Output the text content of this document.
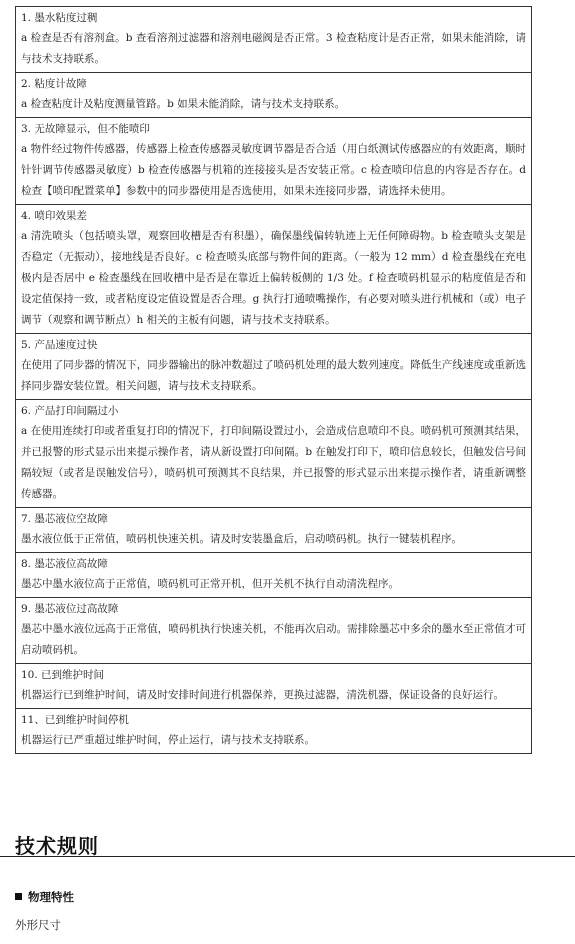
1. 墨水粘度过稠
a 检查是否有溶剂盒。b 查看溶剂过滤器和溶剂电磁阀是否正常。3 检查粘度计是否正常，如果未能消除，请与技术支持联系。
2. 粘度计故障
a 检查粘度计及粘度测量管路。b 如果未能消除，请与技术支持联系。
3. 无故障显示，但不能喷印
a 物件经过物件传感器，传感器上检查传感器灵敏度调节器是否合适（用白纸测试传感器应的有效距离，顺时针针调节传感器灵敏度）b 检查传感器与机箱的连接接头是否安装正常。c 检查喷印信息的内容是否存在。d 检查【喷印配置菜单】参数中的同步器使用是否选使用，如果未连接同步器，请选择未使用。
4. 喷印效果差
a 清洗喷头（包括喷头罩，观察回收槽是否有积墨），确保墨线偏转轨迹上无任何障碍物。b 检查喷头支架是否稳定（无振动），接地线是否良好。c 检查喷头底部与物件间的距离。（一般为 12 mm）d 检查墨线在充电极内是否居中 e 检查墨线在回收槽中是否是在靠近上偏转板侧的 1/3 处。f 检查喷码机显示的粘度值是否和设定值保持一致，或者粘度设定值设置是否合理。g 执行打通喷嘴操作，有必要对喷头进行机械和（或）电子调节（观察和调节断点）h 相关的主板有问题，请与技术支持联系。
5. 产品速度过快
在使用了同步器的情况下，同步器输出的脉冲数超过了喷码机处理的最大数列速度。降低生产线速度或重新选择同步器安装位置。相关问题，请与技术支持联系。
6. 产品打印间隔过小
a 在使用连续打印或者重复打印的情况下，打印间隔设置过小，会造成信息喷印不良。喷码机可预测其结果，并已报警的形式显示出来提示操作者，请从新设置打印间隔。b 在触发打印下，喷印信息较长，但触发信号间隔较短（或者是误触发信号），喷码机可预测其不良结果，并已报警的形式显示出来提示操作者，请重新调整传感器。
7. 墨芯液位空故障
墨水液位低于正常值，喷码机快速关机。请及时安装墨盒后，启动喷码机。执行一键装机程序。
8. 墨芯液位高故障
墨芯中墨水液位高于正常值，喷码机可正常开机，但开关机不执行自动清洗程序。
9. 墨芯液位过高故障
墨芯中墨水液位远高于正常值，喷码机执行快速关机，不能再次启动。需排除墨芯中多余的墨水至正常值才可启动喷码机。
10. 已到维护时间
机器运行已到维护时间，请及时安排时间进行机器保养，更换过滤器，清洗机器，保证设备的良好运行。
11、已到维护时间停机
机器运行已严重超过维护时间，停止运行，请与技术支持联系。
技术规则
物理特性
外形尺寸
